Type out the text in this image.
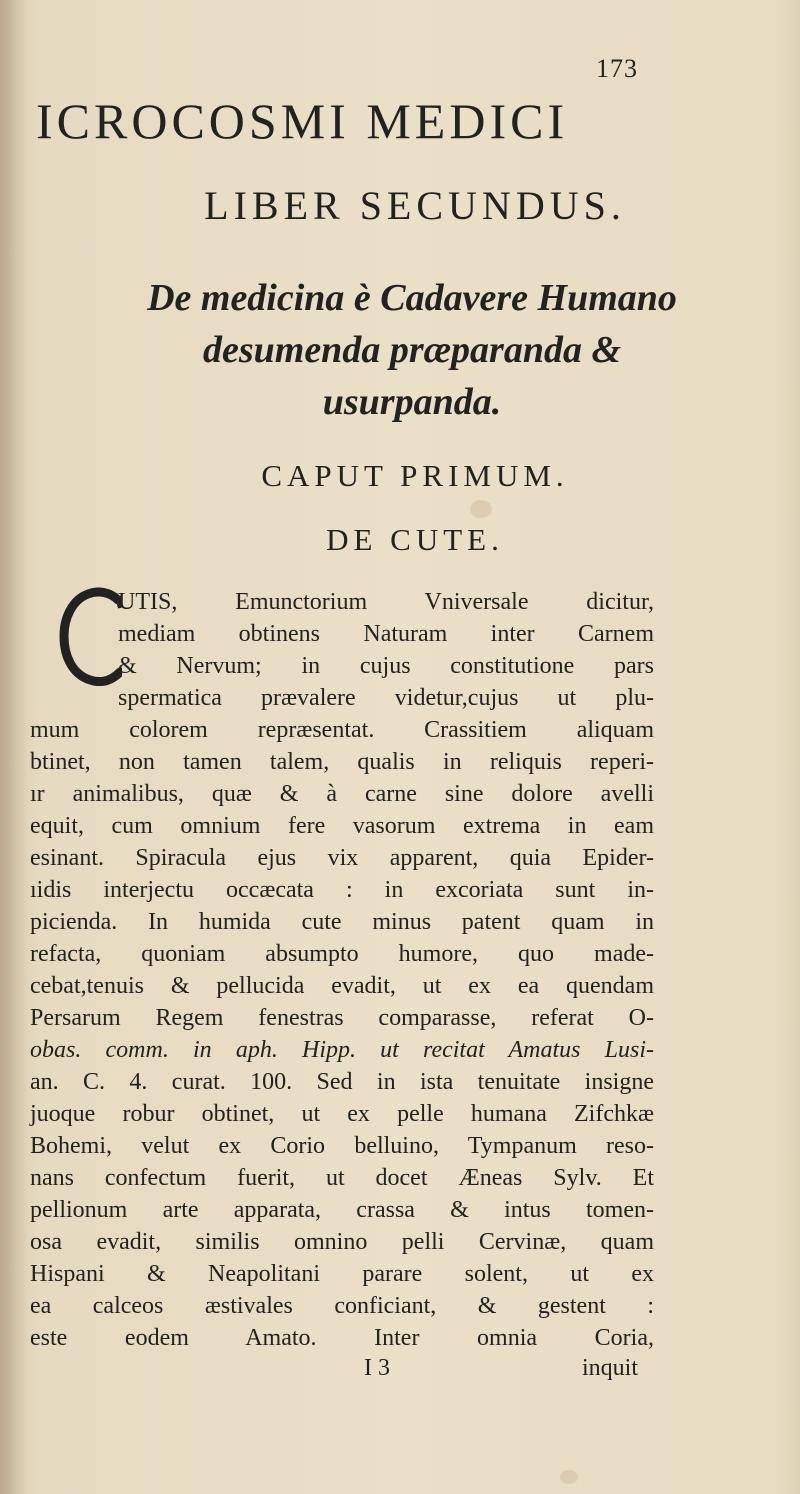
173
ICROCOSMI MEDICI
LIBER SECUNDUS.
De medicina è Cadavere Humano
desumenda præparanda &
usurpanda.
CAPUT PRIMUM.
DE CUTE.
UTIS, Emunctorium Vniversale dicitur,
mediam obtinens Naturam inter Carnem
& Nervum; in cujus constitutione pars
spermatica prævalere videtur,cujus ut plu-
mum colorem repræsentat. Crassitiem aliquam
btinet, non tamen talem, qualis in reliquis reperi-
ır animalibus, quæ & à carne sine dolore avelli
equit, cum omnium fere vasorum extrema in eam
esinant. Spiracula ejus vix apparent, quia Epider-
ıidis interjectu occæcata : in excoriata sunt in-
picienda. In humida cute minus patent quam in
refacta, quoniam absumpto humore, quo made-
cebat,tenuis & pellucida evadit, ut ex ea quendam
Persarum Regem fenestras comparasse, referat O-
obas. comm. in aph. Hipp. ut recitat Amatus Lusi-
an. C. 4. curat. 100. Sed in ista tenuitate insigne
juoque robur obtinet, ut ex pelle humana Zifchkæ
Bohemi, velut ex Corio belluino, Tympanum reso-
nans confectum fuerit, ut docet Æneas Sylv. Et
pellionum arte apparata, crassa & intus tomen-
osa evadit, similis omnino pelli Cervinæ, quam
Hispani & Neapolitani parare solent, ut ex
ea calceos æstivales conficiant, & gestent :
este eodem Amato. Inter omnia Coria,
I 3	inquit
